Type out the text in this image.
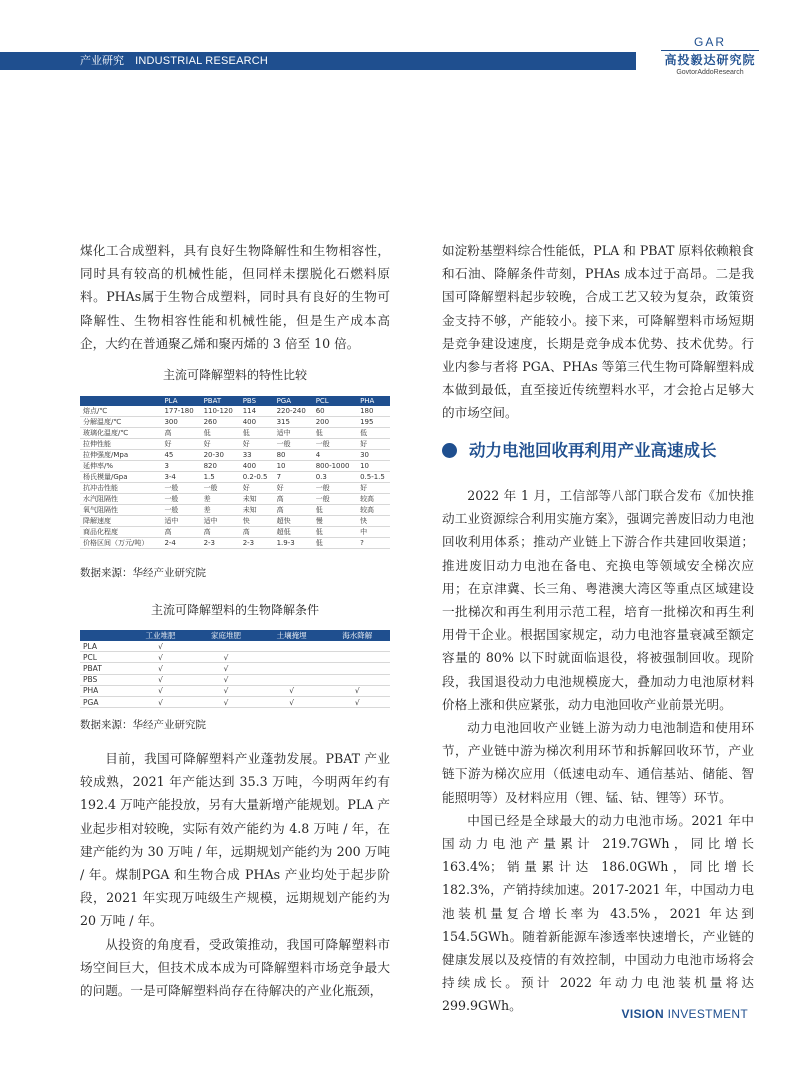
产业研究 INDUSTRIAL RESEARCH
GAR
高投毅达研究院
GovtorAddoResearch

煤化工合成塑料，具有良好生物降解性和生物相容性，同时具有较高的机械性能，但同样未摆脱化石燃料原料。PHAs属于生物合成塑料，同时具有良好的生物可降解性、生物相容性能和机械性能，但是生产成本高企，大约在普通聚乙烯和聚丙烯的 3 倍至 10 倍。

主流可降解塑料的特性比较
	PLA	PBAT	PBS	PGA	PCL	PHA
熔点/℃	177-180	110-120	114	220-240	60	180
分解温度/℃	300	260	400	315	200	195
玻璃化温度/℃	高	低	低	适中	低	低
拉伸性能	好	好	好	一般	一般	好
拉伸强度/Mpa	45	20-30	33	80	4	30
延伸率/%	3	820	400	10	800-1000	10
杨氏模量/Gpa	3-4	1.5	0.2-0.5	7	0.3	0.5-1.5
抗冲击性能	一般	一般	好	好	一般	好
水汽阻隔性	一般	差	未知	高	一般	较高
氧气阻隔性	一般	差	未知	高	低	较高
降解速度	适中	适中	快	超快	慢	快
商品化程度	高	高	高	超低	低	中
价格区间（万元/吨）	2-4	2-3	2-3	1.9-3	低	?
数据来源：华经产业研究院
主流可降解塑料的生物降解条件
	工业堆肥	家庭堆肥	土壤掩埋	海水降解
PLA	√			
PCL	√	√		
PBAT	√	√		
PBS	√	√		
PHA	√	√	√	√
PGA	√	√	√	√
数据来源：华经产业研究院

目前，我国可降解塑料产业蓬勃发展。PBAT 产业较成熟，2021 年产能达到 35.3 万吨，今明两年约有 192.4 万吨产能投放，另有大量新增产能规划。PLA 产业起步相对较晚，实际有效产能约为 4.8 万吨 / 年，在建产能约为 30 万吨 / 年，远期规划产能约为 200 万吨 / 年。煤制PGA 和生物合成 PHAs 产业均处于起步阶段，2021 年实现万吨级生产规模，远期规划产能约为 20 万吨 / 年。

从投资的角度看，受政策推动，我国可降解塑料市场空间巨大，但技术成本成为可降解塑料市场竞争最大的问题。一是可降解塑料尚存在待解决的产业化瓶颈，

如淀粉基塑料综合性能低，PLA 和 PBAT 原料依赖粮食和石油、降解条件苛刻，PHAs 成本过于高昂。二是我国可降解塑料起步较晚，合成工艺又较为复杂，政策资金支持不够，产能较小。接下来，可降解塑料市场短期是竞争建设速度，长期是竞争成本优势、技术优势。行业内参与者将 PGA、PHAs 等第三代生物可降解塑料成本做到最低，直至接近传统塑料水平，才会抢占足够大的市场空间。

动力电池回收再利用产业高速成长

2022 年 1 月，工信部等八部门联合发布《加快推动工业资源综合利用实施方案》，强调完善废旧动力电池回收利用体系；推动产业链上下游合作共建回收渠道；推进废旧动力电池在备电、充换电等领域安全梯次应用；在京津冀、长三角、粤港澳大湾区等重点区域建设一批梯次和再生利用示范工程，培育一批梯次和再生利用骨干企业。根据国家规定，动力电池容量衰减至额定容量的 80% 以下时就面临退役，将被强制回收。现阶段，我国退役动力电池规模庞大，叠加动力电池原材料价格上涨和供应紧张，动力电池回收产业前景光明。

动力电池回收产业链上游为动力电池制造和使用环节，产业链中游为梯次利用环节和拆解回收环节，产业链下游为梯次应用（低速电动车、通信基站、储能、智能照明等）及材料应用（锂、锰、钴、锂等）环节。

中国已经是全球最大的动力电池市场。2021 年中国动力电池产量累计 219.7GWh，同比增长 163.4%；销量累计达 186.0GWh，同比增长 182.3%，产销持续加速。2017-2021 年，中国动力电池装机量复合增长率为 43.5%，2021 年达到 154.5GWh。随着新能源车渗透率快速增长，产业链的健康发展以及疫情的有效控制，中国动力电池市场将会持续成长。预计 2022 年动力电池装机量将达 299.9GWh。

VISION INVESTMENT
